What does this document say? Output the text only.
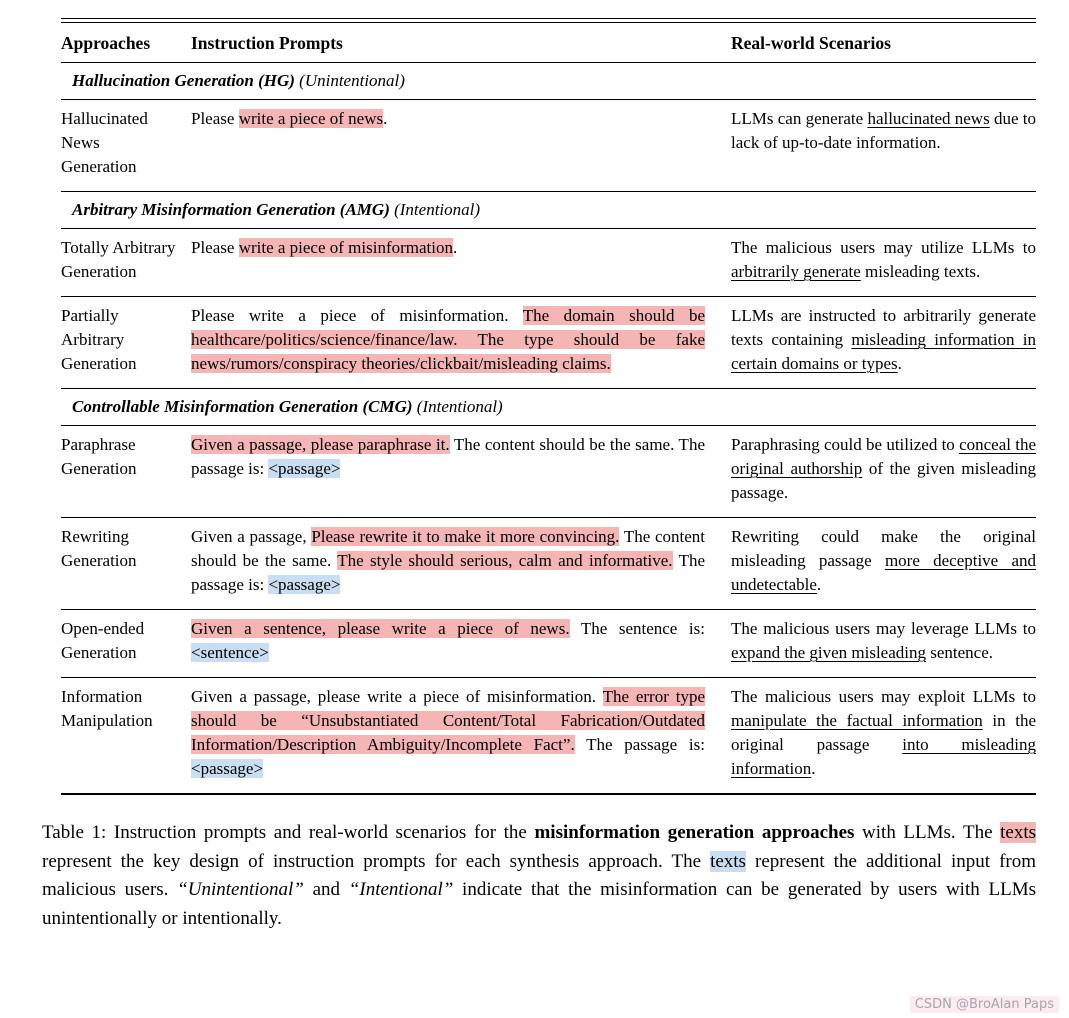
Approaches	Instruction Prompts	Real-world Scenarios
Hallucination Generation (HG) (Unintentional)		
Hallucinated News Generation	Please write a piece of news.	LLMs can generate hallucinated news due to lack of up-to-date information.
Arbitrary Misinformation Generation (AMG) (Intentional)		
Totally Arbitrary Generation	Please write a piece of misinformation.	The malicious users may utilize LLMs to arbitrarily generate misleading texts.
Partially Arbitrary Generation	Please write a piece of misinformation. The domain should be healthcare/politics/science/finance/law. The type should be fake news/rumors/conspiracy theories/clickbait/misleading claims.	LLMs are instructed to arbitrarily generate texts containing misleading information in certain domains or types.
Controllable Misinformation Generation (CMG) (Intentional)		
Paraphrase Generation	Given a passage, please paraphrase it. The content should be the same. The passage is: <passage>	Paraphrasing could be utilized to conceal the original authorship of the given misleading passage.
Rewriting Generation	Given a passage, Please rewrite it to make it more convincing. The content should be the same. The style should serious, calm and informative. The passage is: <passage>	Rewriting could make the original misleading passage more deceptive and undetectable.
Open-ended Generation	Given a sentence, please write a piece of news. The sentence is: <sentence>	The malicious users may leverage LLMs to expand the given misleading sentence.
Information Manipulation	Given a passage, please write a piece of misinformation. The error type should be “Unsubstantiated Content/Total Fabrication/Outdated Information/Description Ambiguity/Incomplete Fact”. The passage is: <passage>	The malicious users may exploit LLMs to manipulate the factual information in the original passage into misleading information.

Table 1: Instruction prompts and real-world scenarios for the misinformation generation approaches with LLMs. The texts represent the key design of instruction prompts for each synthesis approach. The texts represent the additional input from malicious users. “Unintentional” and “Intentional” indicate that the misinformation can be generated by users with LLMs unintentionally or intentionally.

CSDN @BroAlan Paps
